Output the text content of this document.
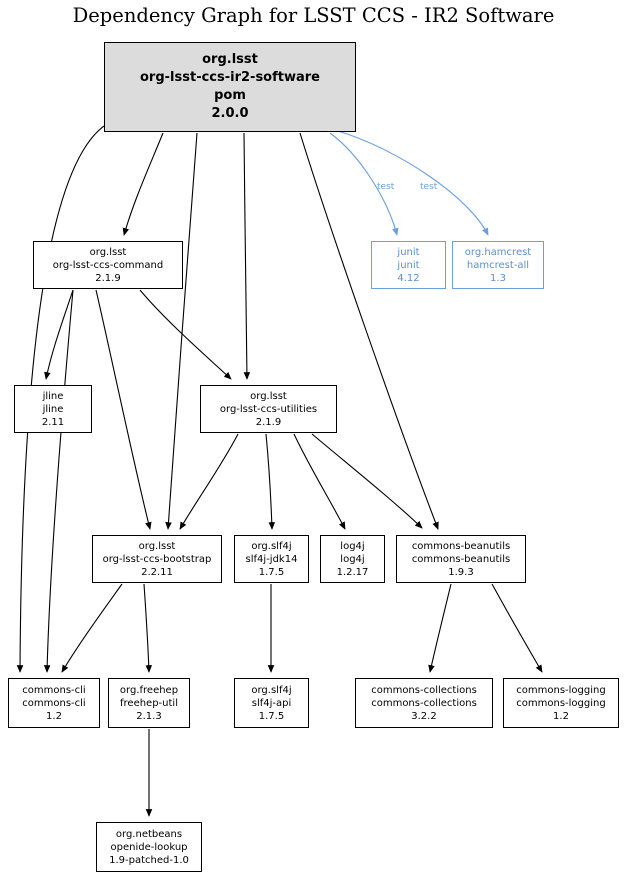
Dependency Graph for LSST CCS - IR2 Software
test	test
org.lsst
org-lsst-ccs-ir2-software
pom
2.0.0
junit
junit
4.12
org.hamcrest
hamcrest-all
1.3
org.lsst
org-lsst-ccs-command
2.1.9
jline
jline
2.11
org.lsst
org-lsst-ccs-utilities
2.1.9
org.lsst
org-lsst-ccs-bootstrap
2.2.11
org.slf4j
slf4j-jdk14
1.7.5
log4j
log4j
1.2.17
commons-beanutils
commons-beanutils
1.9.3
commons-cli
commons-cli
1.2
org.freehep
freehep-util
2.1.3
org.slf4j
slf4j-api
1.7.5
commons-collections
commons-collections
3.2.2
commons-logging
commons-logging
1.2
org.netbeans
openide-lookup
1.9-patched-1.0
